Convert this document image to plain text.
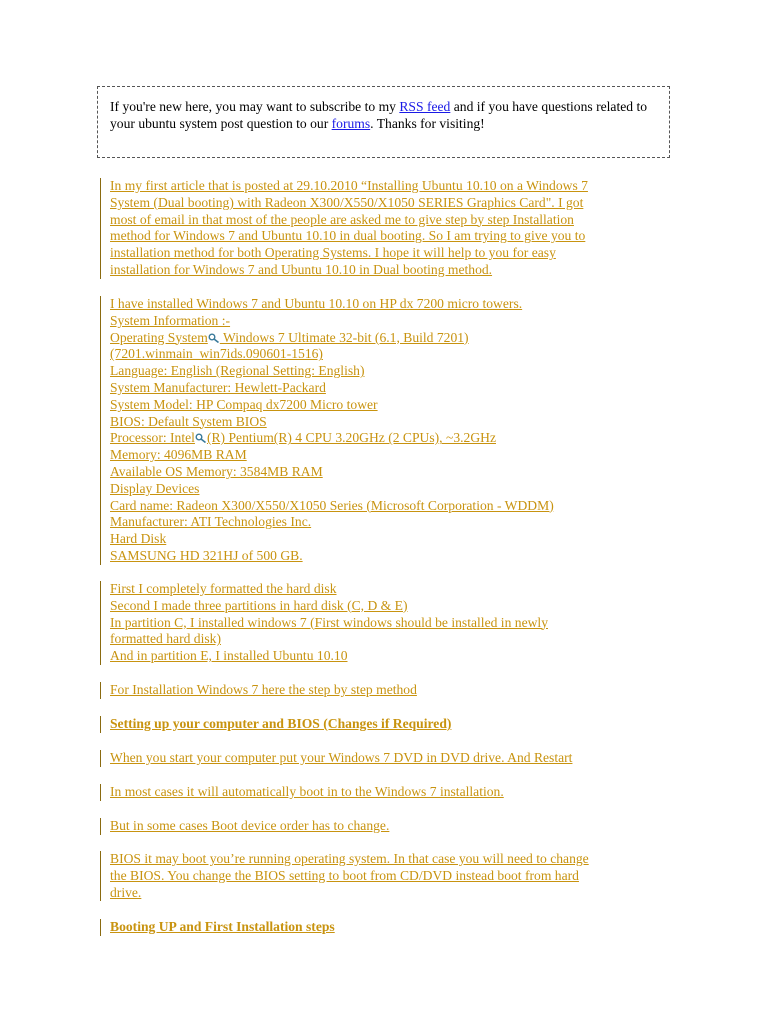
If you're new here, you may want to subscribe to my RSS feed and if you have questions related to your ubuntu system post question to our forums. Thanks for visiting!
In my first article that is posted at 29.10.2010 “Installing Ubuntu 10.10 on a Windows 7
System (Dual booting) with Radeon X300/X550/X1050 SERIES Graphics Card". I got
most of email in that most of the people are asked me to give step by step Installation
method for Windows 7 and Ubuntu 10.10 in dual booting. So I am trying to give you to
installation method for both Operating Systems. I hope it will help to you for easy
installation for Windows 7 and Ubuntu 10.10 in Dual booting method.
I have installed Windows 7 and Ubuntu 10.10 on HP dx 7200 micro towers.
System Information :-
Operating System Windows 7 Ultimate 32-bit (6.1, Build 7201)
(7201.winmain_win7ids.090601-1516)
Language: English (Regional Setting: English)
System Manufacturer: Hewlett-Packard
System Model: HP Compaq dx7200 Micro tower
BIOS: Default System BIOS
Processor: Intel (R) Pentium(R) 4 CPU 3.20GHz (2 CPUs), ~3.2GHz
Memory: 4096MB RAM
Available OS Memory: 3584MB RAM
Display Devices
Card name: Radeon X300/X550/X1050 Series (Microsoft Corporation - WDDM)
Manufacturer: ATI Technologies Inc.
Hard Disk
SAMSUNG HD 321HJ of 500 GB.
First I completely formatted the hard disk
Second I made three partitions in hard disk (C, D & E)
In partition C, I installed windows 7 (First windows should be installed in newly
formatted hard disk)
And in partition E, I installed Ubuntu 10.10
For Installation Windows 7 here the step by step method
Setting up your computer and BIOS (Changes if Required)
When you start your computer put your Windows 7 DVD in DVD drive. And Restart
In most cases it will automatically boot in to the Windows 7 installation.
But in some cases Boot device order has to change.
BIOS it may boot you’re running operating system. In that case you will need to change
the BIOS. You change the BIOS setting to boot from CD/DVD instead boot from hard
drive.
Booting UP and First Installation steps
